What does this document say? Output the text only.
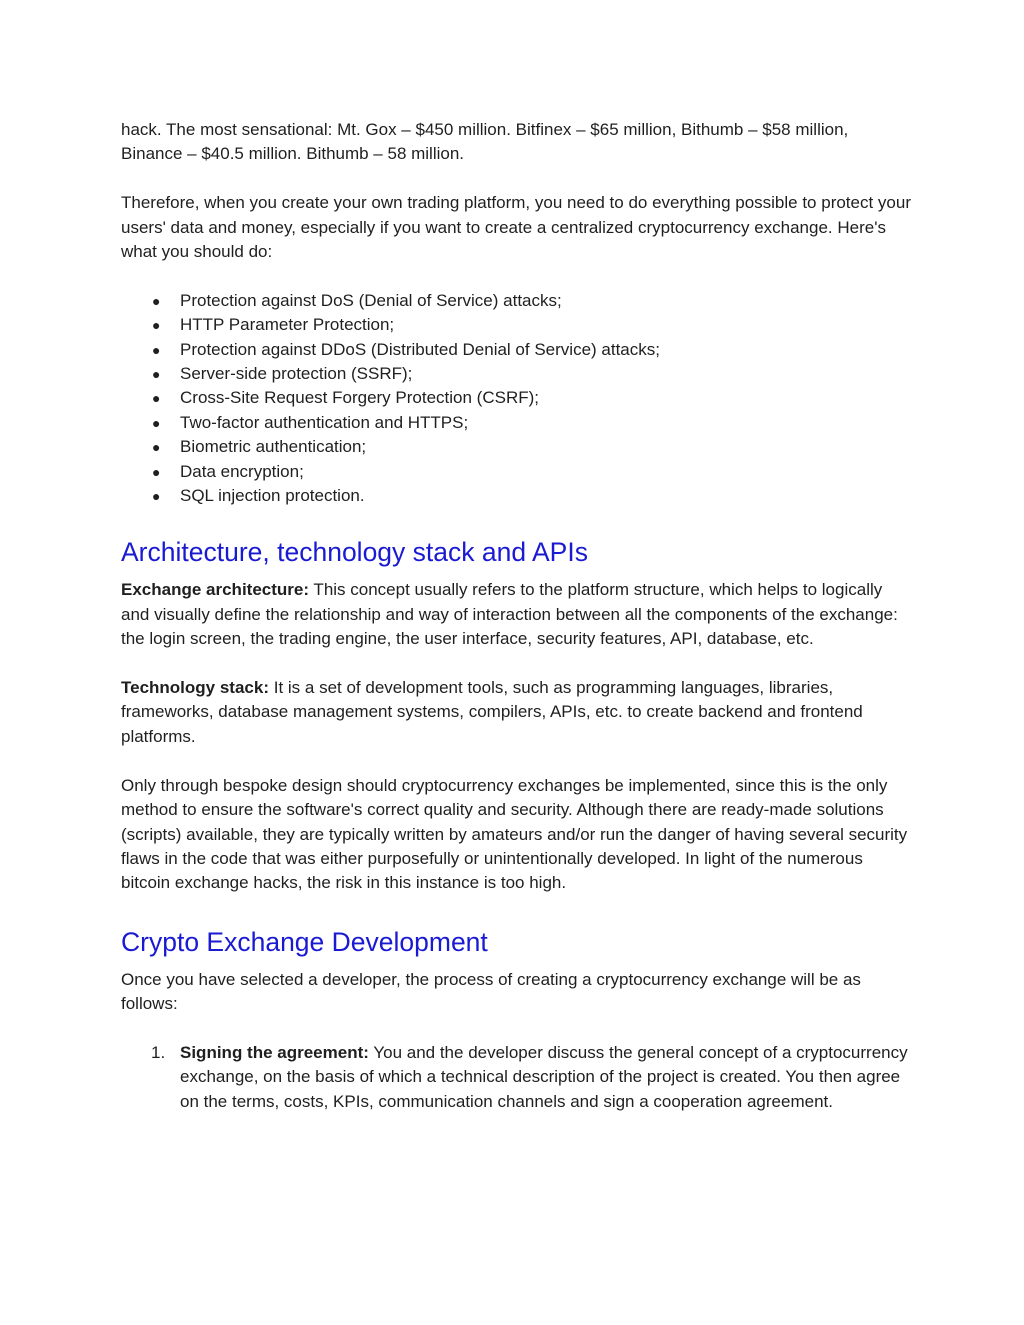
hack. The most sensational: Mt. Gox – $450 million. Bitfinex – $65 million, Bithumb – $58 million, Binance – $40.5 million. Bithumb – 58 million.

Therefore, when you create your own trading platform, you need to do everything possible to protect your users' data and money, especially if you want to create a centralized cryptocurrency exchange. Here's what you should do:

● Protection against DoS (Denial of Service) attacks;
● HTTP Parameter Protection;
● Protection against DDoS (Distributed Denial of Service) attacks;
● Server-side protection (SSRF);
● Cross-Site Request Forgery Protection (CSRF);
● Two-factor authentication and HTTPS;
● Biometric authentication;
● Data encryption;
● SQL injection protection.
Architecture, technology stack and APIs

Exchange architecture: This concept usually refers to the platform structure, which helps to logically and visually define the relationship and way of interaction between all the components of the exchange: the login screen, the trading engine, the user interface, security features, API, database, etc.

Technology stack: It is a set of development tools, such as programming languages, libraries, frameworks, database management systems, compilers, APIs, etc. to create backend and frontend platforms.

Only through bespoke design should cryptocurrency exchanges be implemented, since this is the only method to ensure the software's correct quality and security. Although there are ready-made solutions (scripts) available, they are typically written by amateurs and/or run the danger of having several security flaws in the code that was either purposefully or unintentionally developed. In light of the numerous bitcoin exchange hacks, the risk in this instance is too high.

Crypto Exchange Development

Once you have selected a developer, the process of creating a cryptocurrency exchange will be as follows:

1. Signing the agreement: You and the developer discuss the general concept of a cryptocurrency exchange, on the basis of which a technical description of the project is created. You then agree on the terms, costs, KPIs, communication channels and sign a cooperation agreement.
